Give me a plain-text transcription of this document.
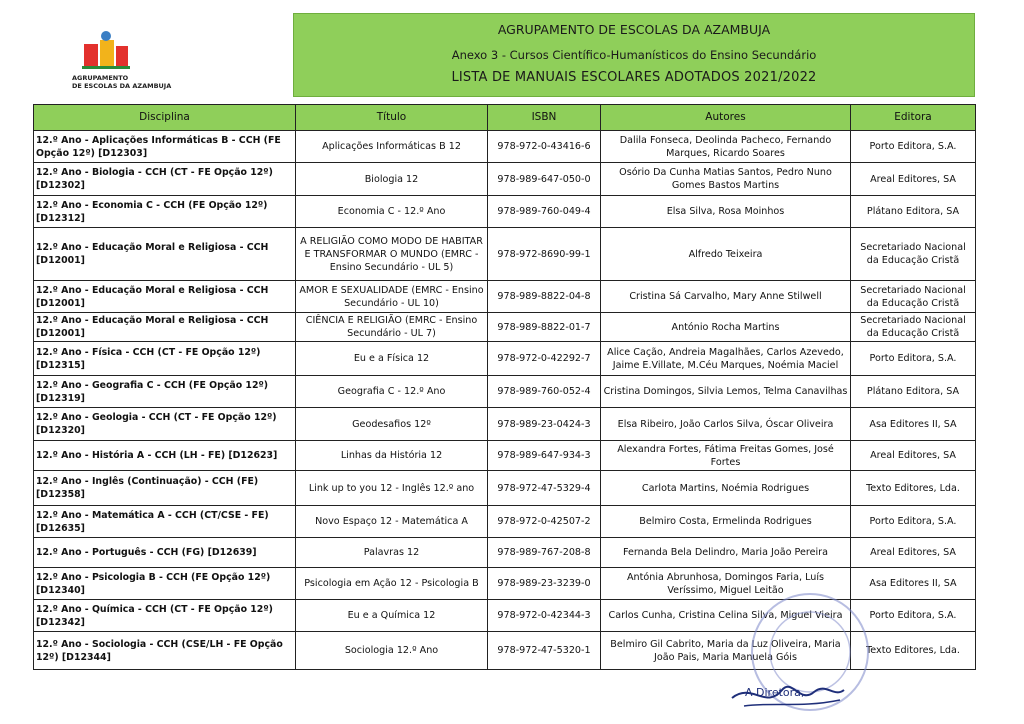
AGRUPAMENTO
DE ESCOLAS DA AZAMBUJA
AGRUPAMENTO DE ESCOLAS DA AZAMBUJA
Anexo 3 - Cursos Científico-Humanísticos do Ensino Secundário
LISTA DE MANUAIS ESCOLARES ADOTADOS 2021/2022
Disciplina	Título	ISBN	Autores	Editora
12.º Ano - Aplicações Informáticas B - CCH (FE Opção 12º) [D12303]	Aplicações Informáticas B 12	978-972-0-43416-6	Dalila Fonseca, Deolinda Pacheco, Fernando Marques, Ricardo Soares	Porto Editora, S.A.
12.º Ano - Biologia - CCH (CT - FE Opção 12º) [D12302]	Biologia 12	978-989-647-050-0	Osório Da Cunha Matias Santos, Pedro Nuno Gomes Bastos Martins	Areal Editores, SA
12.º Ano - Economia C - CCH (FE Opção 12º) [D12312]	Economia C - 12.º Ano	978-989-760-049-4	Elsa Silva, Rosa Moinhos	Plátano Editora, SA
12.º Ano - Educação Moral e Religiosa - CCH [D12001]	A RELIGIÃO COMO MODO DE HABITAR E TRANSFORMAR O MUNDO (EMRC - Ensino Secundário - UL 5)	978-972-8690-99-1	Alfredo Teixeira	Secretariado Nacional da Educação Cristã
12.º Ano - Educação Moral e Religiosa - CCH [D12001]	AMOR E SEXUALIDADE (EMRC - Ensino Secundário - UL 10)	978-989-8822-04-8	Cristina Sá Carvalho, Mary Anne Stilwell	Secretariado Nacional da Educação Cristã
12.º Ano - Educação Moral e Religiosa - CCH [D12001]	CIÊNCIA E RELIGIÃO (EMRC - Ensino Secundário - UL 7)	978-989-8822-01-7	António Rocha Martins	Secretariado Nacional da Educação Cristã
12.º Ano - Física - CCH (CT - FE Opção 12º) [D12315]	Eu e a Física 12	978-972-0-42292-7	Alice Cação, Andreia Magalhães, Carlos Azevedo, Jaime E.Villate, M.Céu Marques, Noémia Maciel	Porto Editora, S.A.
12.º Ano - Geografia C - CCH (FE Opção 12º) [D12319]	Geografia C - 12.º Ano	978-989-760-052-4	Cristina Domingos, Silvia Lemos, Telma Canavilhas	Plátano Editora, SA
12.º Ano - Geologia - CCH (CT - FE Opção 12º) [D12320]	Geodesafios 12º	978-989-23-0424-3	Elsa Ribeiro, João Carlos Silva, Óscar Oliveira	Asa Editores II, SA
12.º Ano - História A - CCH (LH - FE) [D12623]	Linhas da História 12	978-989-647-934-3	Alexandra Fortes, Fátima Freitas Gomes, José Fortes	Areal Editores, SA
12.º Ano - Inglês (Continuação) - CCH (FE) [D12358]	Link up to you 12 - Inglês 12.º ano	978-972-47-5329-4	Carlota Martins, Noémia Rodrigues	Texto Editores, Lda.
12.º Ano - Matemática A - CCH (CT/CSE - FE) [D12635]	Novo Espaço 12 - Matemática A	978-972-0-42507-2	Belmiro Costa, Ermelinda Rodrigues	Porto Editora, S.A.
12.º Ano - Português - CCH (FG) [D12639]	Palavras 12	978-989-767-208-8	Fernanda Bela Delindro, Maria João Pereira	Areal Editores, SA
12.º Ano - Psicologia B - CCH (FE Opção 12º) [D12340]	Psicologia em Ação 12 - Psicologia B	978-989-23-3239-0	Antónia Abrunhosa, Domingos Faria, Luís Veríssimo, Miguel Leitão	Asa Editores II, SA
12.º Ano - Química - CCH (CT - FE Opção 12º) [D12342]	Eu e a Química 12	978-972-0-42344-3	Carlos Cunha, Cristina Celina Silva, Miguel Vieira	Porto Editora, S.A.
12.º Ano - Sociologia - CCH (CSE/LH - FE Opção 12º) [D12344]	Sociologia 12.º Ano	978-972-47-5320-1	Belmiro Gil Cabrito, Maria da Luz Oliveira, Maria João Pais, Maria Manuela Góis	Texto Editores, Lda.
A Diretora,
